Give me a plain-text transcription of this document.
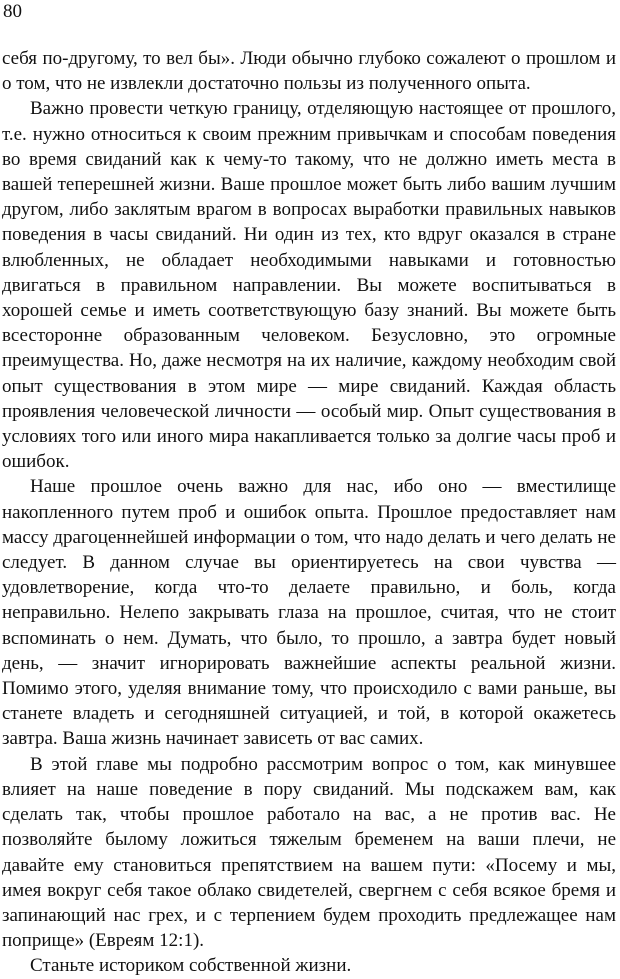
80

себя по-другому, то вел бы». Люди обычно глубоко сожалеют о прошлом и о том, что не извлекли достаточно пользы из полученного опыта.

Важно провести четкую границу, отделяющую настоящее от прошлого, т.е. нужно относиться к своим прежним привычкам и способам поведения во время свиданий как к чему-то такому, что не должно иметь места в вашей теперешней жизни. Ваше прошлое может быть либо вашим лучшим другом, либо заклятым врагом в вопросах выработки правильных навыков поведения в часы свиданий. Ни один из тех, кто вдруг оказался в стране влюбленных, не обладает необходимыми навыками и готовностью двигаться в правильном направлении. Вы можете воспитываться в хорошей семье и иметь соответствующую базу знаний. Вы можете быть всесторонне образованным человеком. Безусловно, это огромные преимущества. Но, даже несмотря на их наличие, каждому необходим свой опыт существования в этом мире — мире свиданий. Каждая область проявления человеческой личности — особый мир. Опыт существования в условиях того или иного мира накапливается только за долгие часы проб и ошибок.

Наше прошлое очень важно для нас, ибо оно — вместилище накопленного путем проб и ошибок опыта. Прошлое предоставляет нам массу драгоценнейшей информации о том, что надо делать и чего делать не следует. В данном случае вы ориентируетесь на свои чувства — удовлетворение, когда что-то делаете правильно, и боль, когда неправильно. Нелепо закрывать глаза на прошлое, считая, что не стоит вспоминать о нем. Думать, что было, то прошло, а завтра будет новый день, — значит игнорировать важнейшие аспекты реальной жизни. Помимо этого, уделяя внимание тому, что происходило с вами раньше, вы станете владеть и сегодняшней ситуацией, и той, в которой окажетесь завтра. Ваша жизнь начинает зависеть от вас самих.

В этой главе мы подробно рассмотрим вопрос о том, как минувшее влияет на наше поведение в пору свиданий. Мы подскажем вам, как сделать так, чтобы прошлое работало на вас, а не против вас. Не позволяйте былому ложиться тяжелым бременем на ваши плечи, не давайте ему становиться препятствием на вашем пути: «Посему и мы, имея вокруг себя такое облако свидетелей, свергнем с себя всякое бремя и запинающий нас грех, и с терпением будем проходить предлежащее нам поприще» (Евреям 12:1).

Станьте историком собственной жизни.
